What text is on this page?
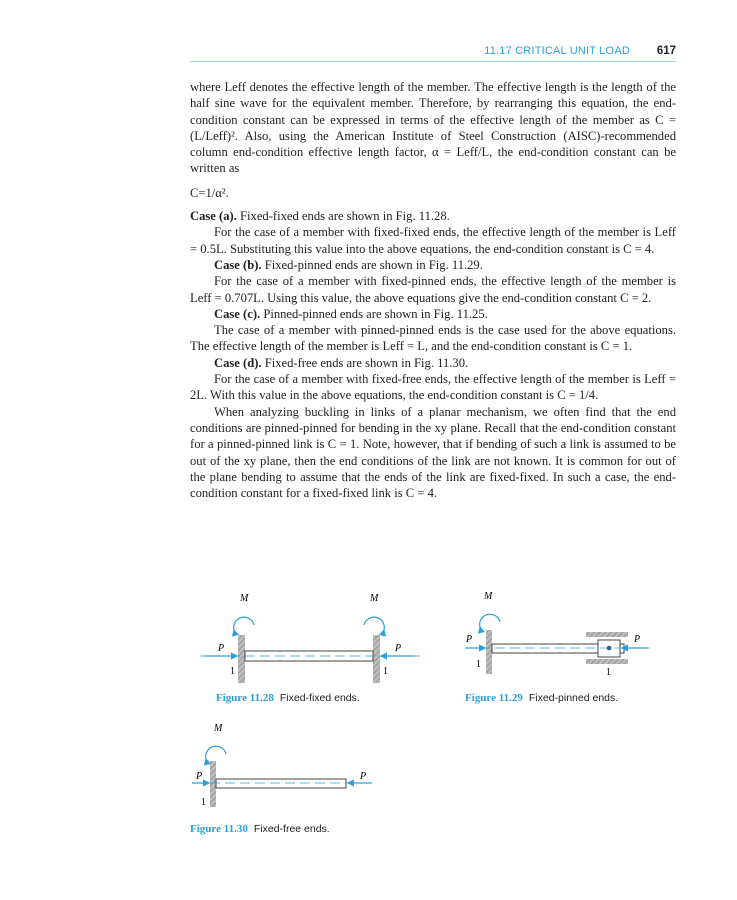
11.17 CRITICAL UNIT LOAD 617

where Leff denotes the effective length of the member. The effective length is the length of the half sine wave for the equivalent member. Therefore, by rearranging this equation, the end-condition constant can be expressed in terms of the effective length of the member as C = (L/Leff)². Also, using the American Institute of Steel Construction (AISC)-recommended column end-condition effective length factor, α = Leff/L, the end-condition constant can be written as

C=1/α².

Case (a). Fixed-fixed ends are shown in Fig. 11.28.

For the case of a member with fixed-fixed ends, the effective length of the member is Leff = 0.5L. Substituting this value into the above equations, the end-condition constant is C = 4.

Case (b). Fixed-pinned ends are shown in Fig. 11.29.

For the case of a member with fixed-pinned ends, the effective length of the member is Leff = 0.707L. Using this value, the above equations give the end-condition constant C = 2.

Case (c). Pinned-pinned ends are shown in Fig. 11.25.

The case of a member with pinned-pinned ends is the case used for the above equations. The effective length of the member is Leff = L, and the end-condition constant is C = 1.

Case (d). Fixed-free ends are shown in Fig. 11.30.

For the case of a member with fixed-free ends, the effective length of the member is Leff = 2L. With this value in the above equations, the end-condition constant is C = 1/4.

When analyzing buckling in links of a planar mechanism, we often find that the end conditions are pinned-pinned for bending in the xy plane. Recall that the end-condition constant for a pinned-pinned link is C = 1. Note, however, that if bending of such a link is assumed to be out of the xy plane, then the end conditions of the link are not known. It is common for out of the plane bending to assume that the ends of the link are fixed-fixed. In such a case, the end-condition constant for a fixed-fixed link is C = 4.

M	M
P	P
1	1
Figure 11.28 Fixed-fixed ends.
M
P	P
1
1
Figure 11.29 Fixed-pinned ends.
M
P	P
1
Figure 11.30 Fixed-free ends.
